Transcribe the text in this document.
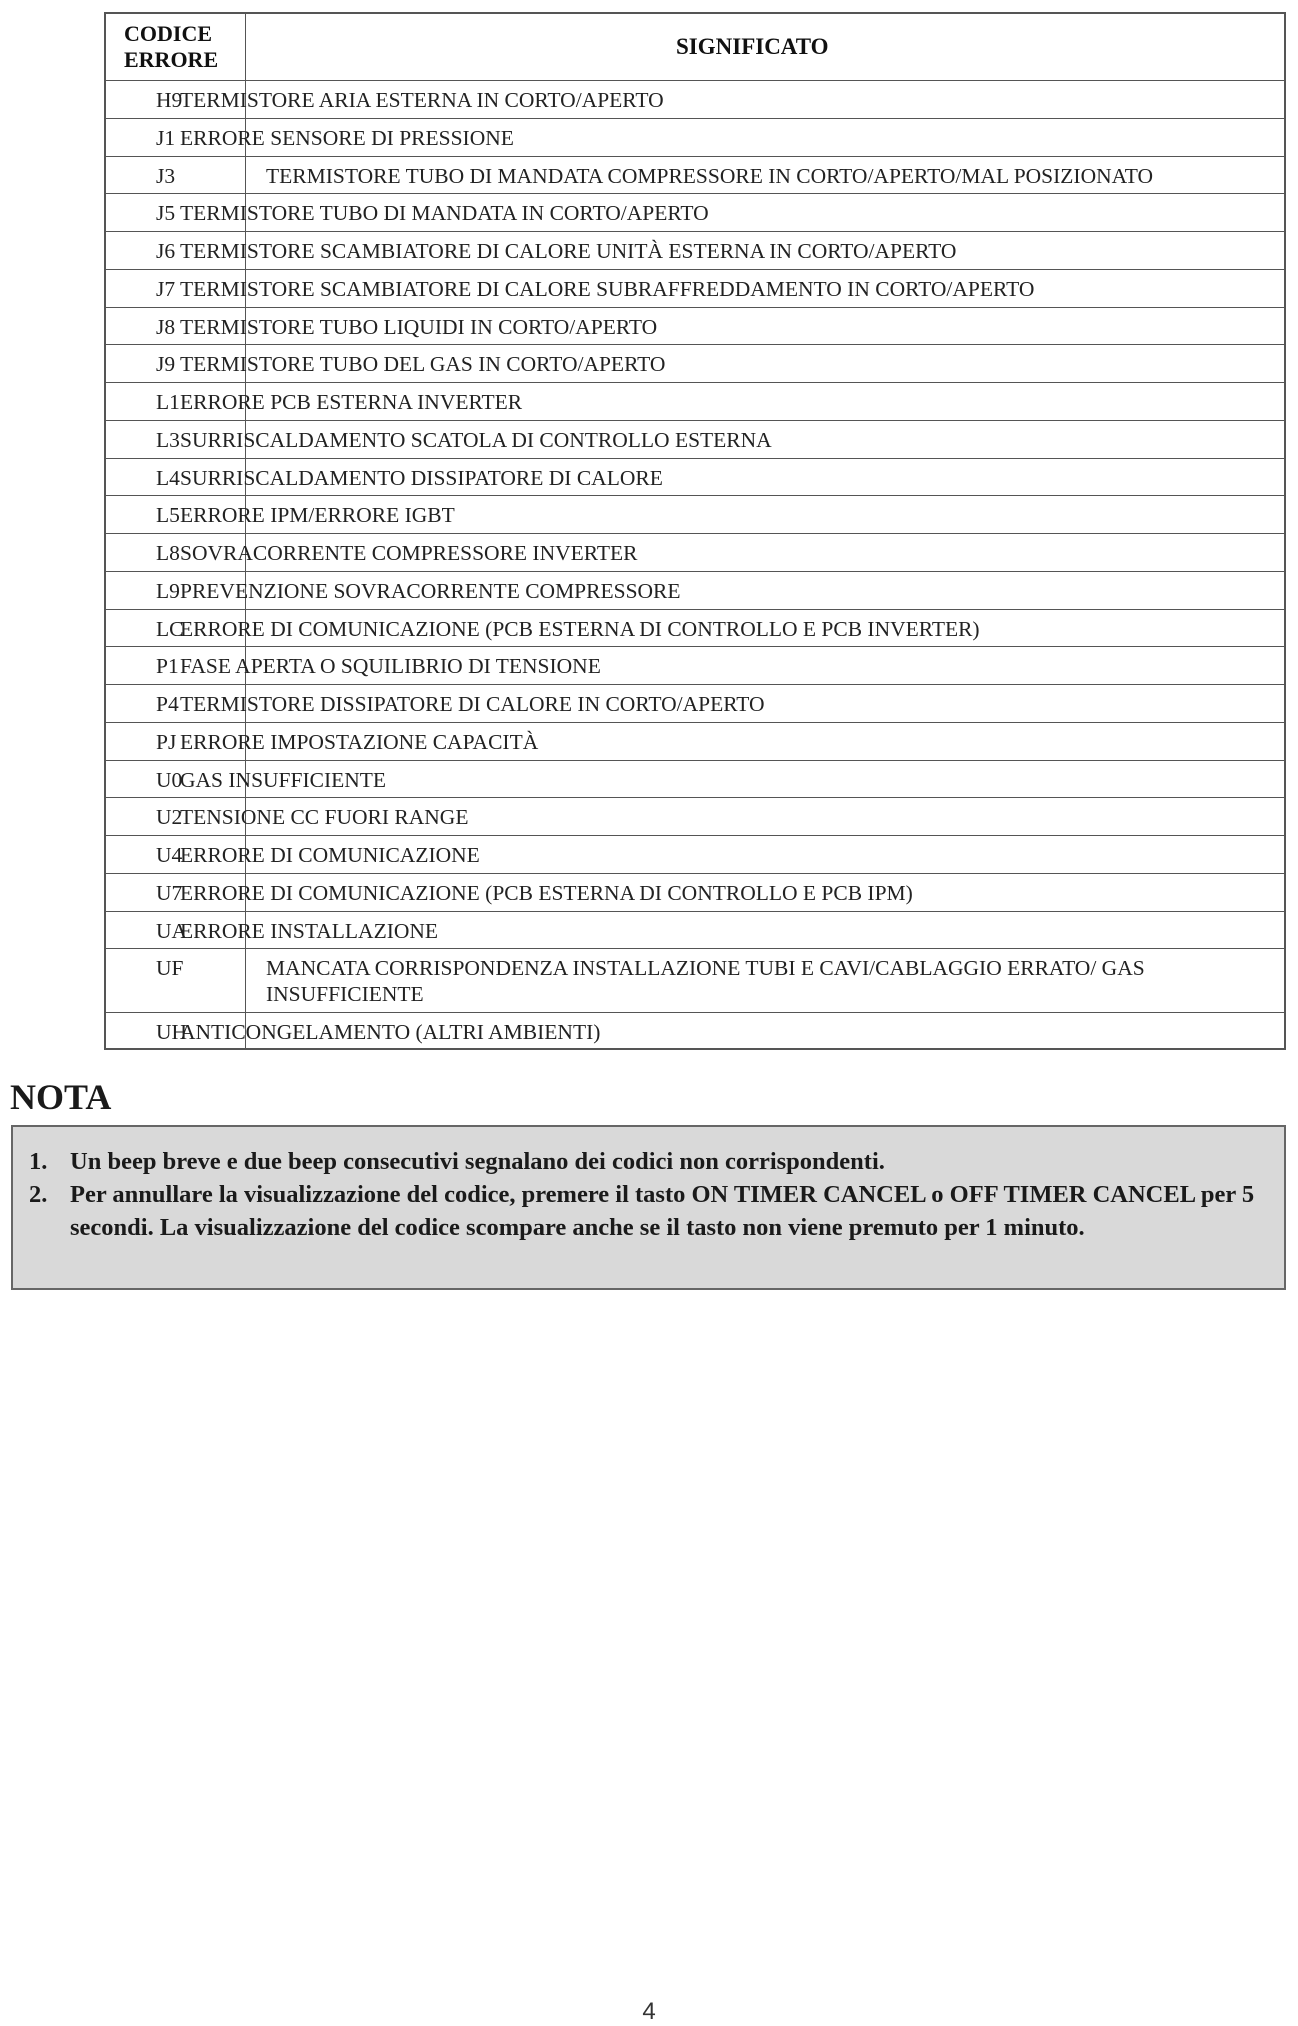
CODICE ERRORE
SIGNIFICATO
H9
TERMISTORE ARIA ESTERNA IN CORTO/APERTO
J1 ERRORE SENSORE DI PRESSIONE
J3	TERMISTORE TUBO DI MANDATA COMPRESSORE IN CORTO/APERTO/MAL POSIZIONATO
J5 TERMISTORE TUBO DI MANDATA IN CORTO/APERTO
J6 TERMISTORE SCAMBIATORE DI CALORE UNITÀ ESTERNA IN CORTO/APERTO
J7 TERMISTORE SCAMBIATORE DI CALORE SUBRAFFREDDAMENTO IN CORTO/APERTO
J8 TERMISTORE TUBO LIQUIDI IN CORTO/APERTO
J9 TERMISTORE TUBO DEL GAS IN CORTO/APERTO
L1 ERRORE PCB ESTERNA INVERTER
L3 SURRISCALDAMENTO SCATOLA DI CONTROLLO ESTERNA
L4 SURRISCALDAMENTO DISSIPATORE DI CALORE
L5 ERRORE IPM/ERRORE IGBT
L8 SOVRACORRENTE COMPRESSORE INVERTER
L9 PREVENZIONE SOVRACORRENTE COMPRESSORE
LC
ERRORE DI COMUNICAZIONE (PCB ESTERNA DI CONTROLLO E PCB INVERTER)
P1 FASE APERTA O SQUILIBRIO DI TENSIONE
P4 TERMISTORE DISSIPATORE DI CALORE IN CORTO/APERTO
PJ ERRORE IMPOSTAZIONE CAPACITÀ
U0
GAS INSUFFICIENTE
U2
TENSIONE CC FUORI RANGE
U4
ERRORE DI COMUNICAZIONE
U7
ERRORE DI COMUNICAZIONE (PCB ESTERNA DI CONTROLLO E PCB IPM)
UA
ERRORE INSTALLAZIONE
UF	MANCATA CORRISPONDENZA INSTALLAZIONE TUBI E CAVI/CABLAGGIO ERRATO/ GAS INSUFFICIENTE
UH
ANTICONGELAMENTO (ALTRI AMBIENTI)
NOTA
1. Un beep breve e due beep consecutivi segnalano dei codici non corrispondenti.
2. Per annullare la visualizzazione del codice, premere il tasto ON TIMER CANCEL o OFF TIMER CANCEL per 5 secondi. La visualizzazione del codice scompare anche se il tasto non viene premuto per 1 minuto.
4
